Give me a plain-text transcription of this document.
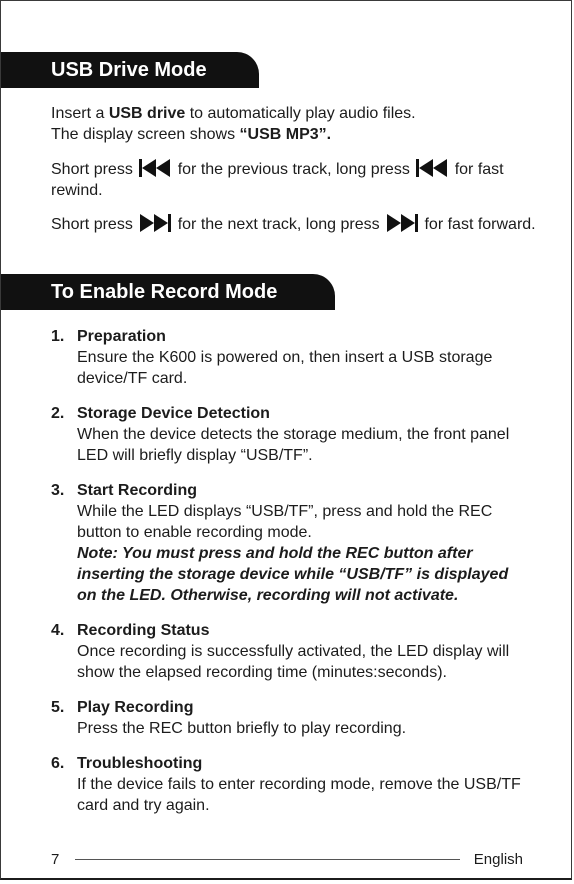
USB Drive Mode

Insert a USB drive to automatically play audio files.
The display screen shows “USB MP3”.

Short press
for the previous track, long press
for fast rewind.

Short press
for the next track, long press
for fast forward.

To Enable Record Mode
1. Preparation
Ensure the K600 is powered on, then insert a USB storage device/TF card.
2. Storage Device Detection
When the device detects the storage medium, the front panel LED will briefly display “USB/TF”.
3. Start Recording
While the LED displays “USB/TF”, press and hold the REC button to enable recording mode.
Note: You must press and hold the REC button after inserting the storage device while “USB/TF” is displayed on the LED. Otherwise, recording will not activate.
4. Recording Status
Once recording is successfully activated, the LED display will show the elapsed recording time (minutes:seconds).
5. Play Recording
Press the REC button briefly to play recording.
6. Troubleshooting
If the device fails to enter recording mode, remove the USB/TF card and try again.
7	English
